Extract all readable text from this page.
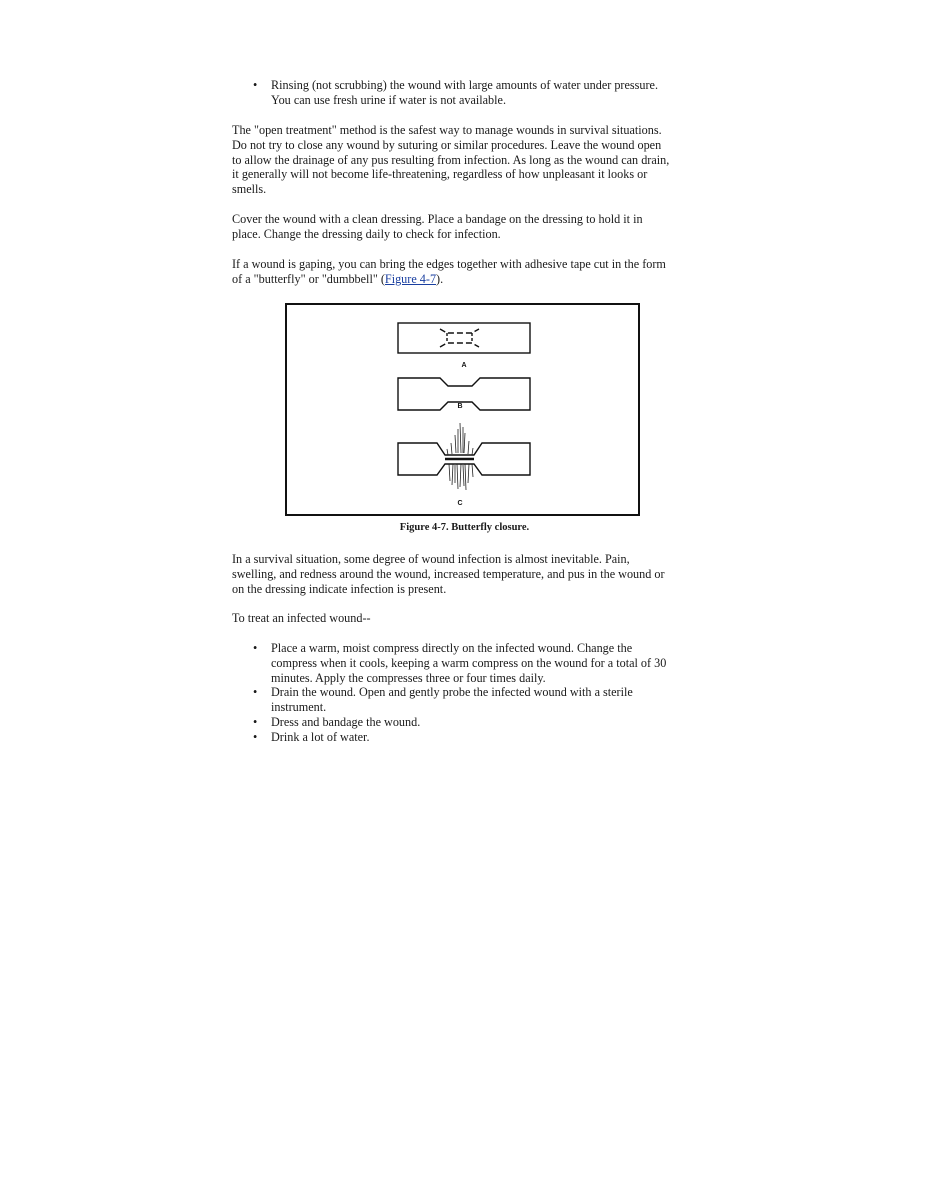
• Rinsing (not scrubbing) the wound with large amounts of water under pressure.
You can use fresh urine if water is not available.

The "open treatment" method is the safest way to manage wounds in survival situations.
Do not try to close any wound by suturing or similar procedures. Leave the wound open
to allow the drainage of any pus resulting from infection. As long as the wound can drain,
it generally will not become life-threatening, regardless of how unpleasant it looks or
smells.

Cover the wound with a clean dressing. Place a bandage on the dressing to hold it in
place. Change the dressing daily to check for infection.

If a wound is gaping, you can bring the edges together with adhesive tape cut in the form
of a "butterfly" or "dumbbell" (Figure 4-7).

A
B
C
Figure 4-7. Butterfly closure.

In a survival situation, some degree of wound infection is almost inevitable. Pain,
swelling, and redness around the wound, increased temperature, and pus in the wound or
on the dressing indicate infection is present.

To treat an infected wound--

• Place a warm, moist compress directly on the infected wound. Change the
compress when it cools, keeping a warm compress on the wound for a total of 30
minutes. Apply the compresses three or four times daily.
• Drain the wound. Open and gently probe the infected wound with a sterile
instrument.
• Dress and bandage the wound.
• Drink a lot of water.
